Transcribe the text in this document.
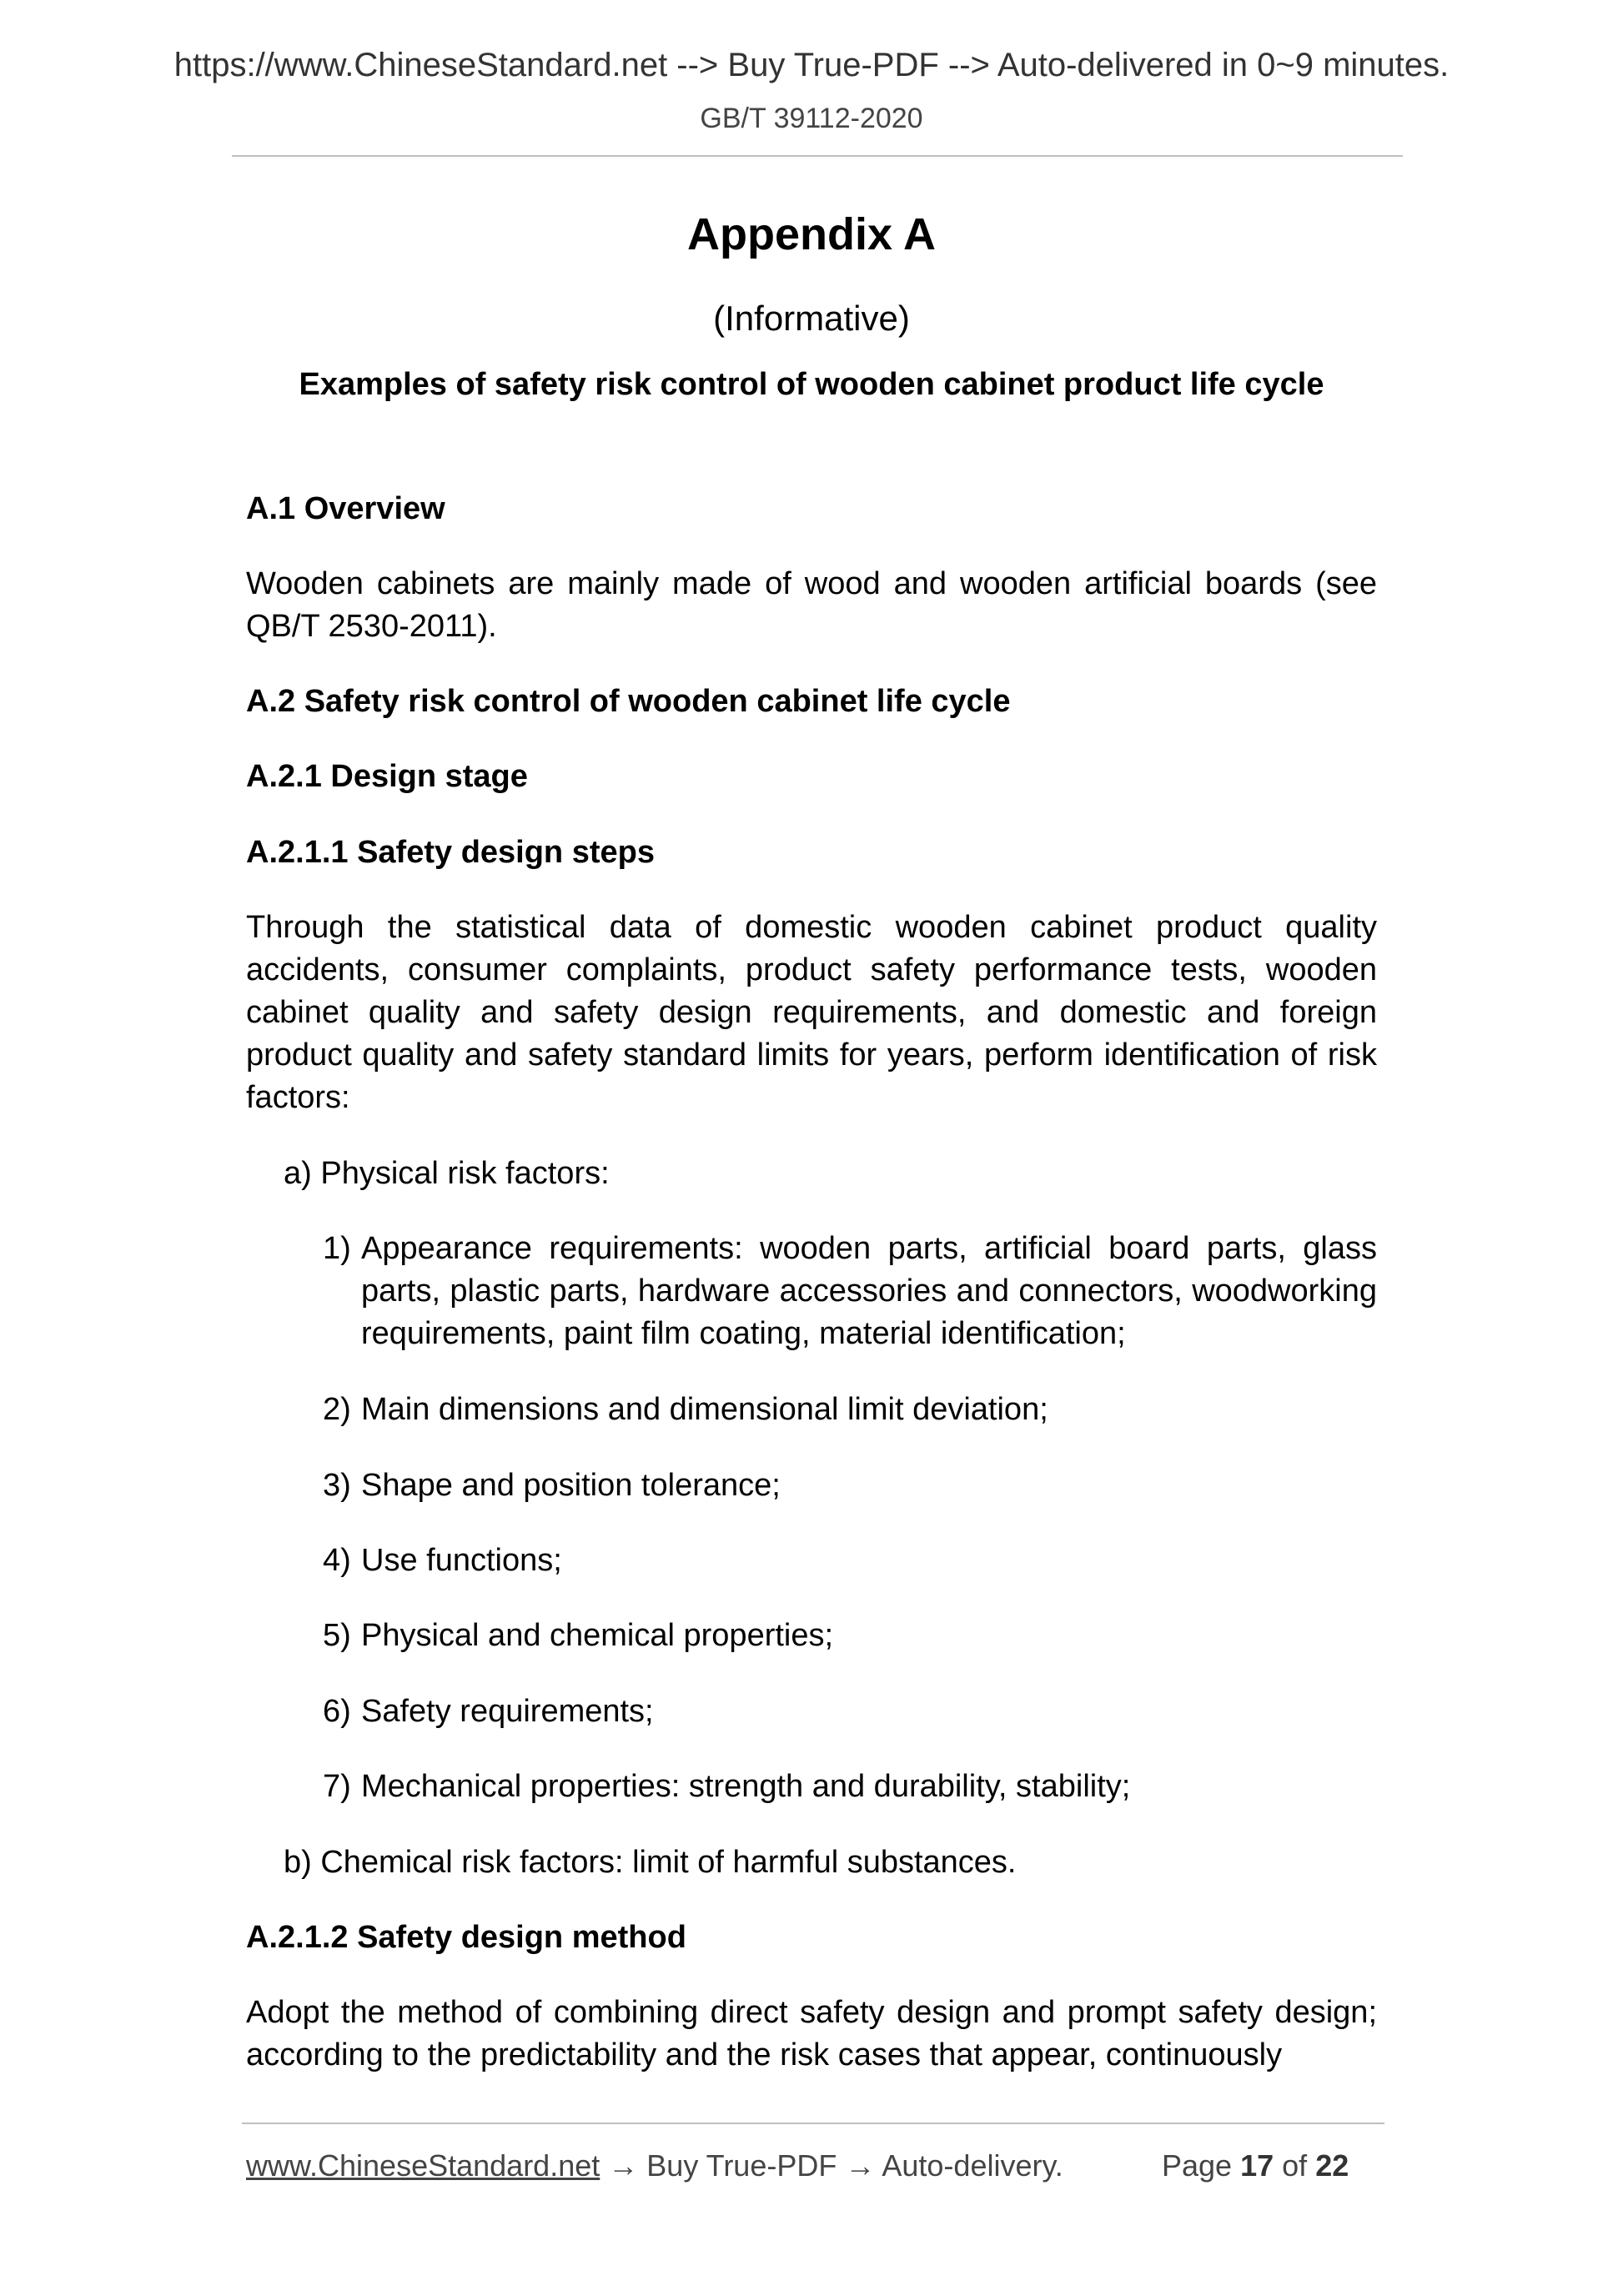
https://www.ChineseStandard.net --> Buy True-PDF --> Auto-delivered in 0~9 minutes.
GB/T 39112-2020
Appendix A
(Informative)
Examples of safety risk control of wooden cabinet product life cycle
A.1 Overview
Wooden cabinets are mainly made of wood and wooden artificial boards (see QB/T 2530-2011).
A.2 Safety risk control of wooden cabinet life cycle
A.2.1 Design stage
A.2.1.1 Safety design steps
Through the statistical data of domestic wooden cabinet product quality accidents, consumer complaints, product safety performance tests, wooden cabinet quality and safety design requirements, and domestic and foreign product quality and safety standard limits for years, perform identification of risk factors:
a) Physical risk factors:
1) Appearance requirements: wooden parts, artificial board parts, glass parts, plastic parts, hardware accessories and connectors, woodworking requirements, paint film coating, material identification;
2) Main dimensions and dimensional limit deviation;
3) Shape and position tolerance;
4) Use functions;
5) Physical and chemical properties;
6) Safety requirements;
7) Mechanical properties: strength and durability, stability;
b) Chemical risk factors: limit of harmful substances.
A.2.1.2 Safety design method
Adopt the method of combining direct safety design and prompt safety design; according to the predictability and the risk cases that appear, continuously
www.ChineseStandard.net → Buy True-PDF → Auto-delivery.	Page 17 of 22
